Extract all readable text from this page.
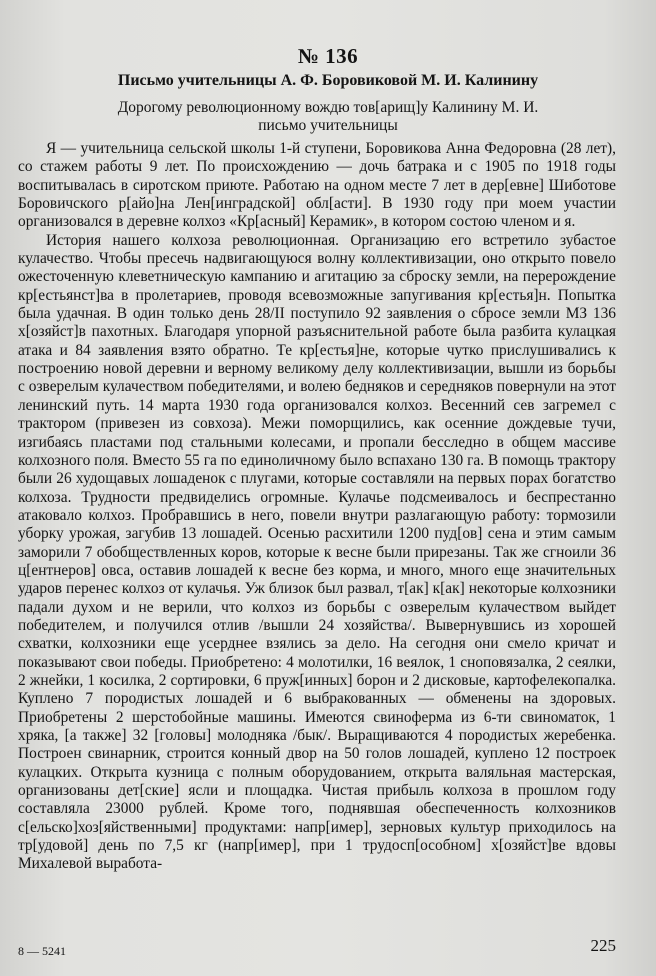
№ 136
Письмо учительницы А. Ф. Боровиковой М. И. Калинину
Дорогому революционному вождю тов[арищ]у Калинину М. И.
письмо учительницы

Я — учительница сельской школы 1-й ступени, Боровикова Анна Федоровна (28 лет), со стажем работы 9 лет. По происхождению — дочь батрака и с 1905 по 1918 годы воспитывалась в сиротском приюте. Работаю на одном месте 7 лет в дер[евне] Шиботове Боровичского р[айо]на Лен[инградской] обл[асти]. В 1930 году при моем участии организовался в деревне колхоз «Кр[асный] Керамик», в котором состою членом и я.

История нашего колхоза революционная. Организацию его встретило зубастое кулачество. Чтобы пресечь надвигающуюся волну коллективизации, оно открыто повело ожесточенную клеветническую кампанию и агитацию за сброску земли, на перерождение кр[естьянст]ва в пролетариев, проводя всевозможные запугивания кр[естья]н. Попытка была удачная. В один только день 28/II поступило 92 заявления о сбросе земли МЗ 136 х[озяйст]в пахотных. Благодаря упорной разъяснительной работе была разбита кулацкая атака и 84 заявления взято обратно. Те кр[естья]не, которые чутко прислушивались к построению новой деревни и верному великому делу коллективизации, вышли из борьбы с озверелым кулачеством победителями, и волею бедняков и середняков повернули на этот ленинский путь. 14 марта 1930 года организовался колхоз. Весенний сев загремел с трактором (привезен из совхоза). Межи поморщились, как осенние дождевые тучи, изгибаясь пластами под стальными колесами, и пропали бесследно в общем массиве колхозного поля. Вместо 55 га по единоличному было вспахано 130 га. В помощь трактору были 26 худощавых лошаденок с плугами, которые составляли на первых порах богатство колхоза. Трудности предвиделись огромные. Кулачье подсмеивалось и беспрестанно атаковало колхоз. Пробравшись в него, повели внутри разлагающую работу: тормозили уборку урожая, загубив 13 лошадей. Осенью расхитили 1200 пуд[ов] сена и этим самым заморили 7 обобществленных коров, которые к весне были прирезаны. Так же сгноили 36 ц[ентнеров] овса, оставив лошадей к весне без корма, и много, много еще значительных ударов перенес колхоз от кулачья. Уж близок был развал, т[ак] к[ак] некоторые колхозники падали духом и не верили, что колхоз из борьбы с озверелым кулачеством выйдет победителем, и получился отлив /вышли 24 хозяйства/. Вывернувшись из хорошей схватки, колхозники еще усерднее взялись за дело. На сегодня они смело кричат и показывают свои победы. Приобретено: 4 молотилки, 16 веялок, 1 сноповязалка, 2 сеялки, 2 жнейки, 1 косилка, 2 сортировки, 6 пруж[инных] борон и 2 дисковые, картофелекопалка. Куплено 7 породистых лошадей и 6 выбракованных — обменены на здоровых. Приобретены 2 шерстобойные машины. Имеются свиноферма из 6-ти свиноматок, 1 хряка, [а также] 32 [головы] молодняка /бык/. Выращиваются 4 породистых жеребенка. Построен свинарник, строится конный двор на 50 голов лошадей, куплено 12 построек кулацких. Открыта кузница с полным оборудованием, открыта валяльная мастерская, организованы дет[ские] ясли и площадка. Чистая прибыль колхоза в прошлом году составляла 23000 рублей. Кроме того, поднявшая обеспеченность колхозников с[ельско]хоз[яйственными] продуктами: напр[имер], зерновых культур приходилось на тр[удовой] день по 7,5 кг (напр[имер], при 1 трудосп[особном] х[озяйст]ве вдовы Михалевой выработа-

8 — 5241	225
